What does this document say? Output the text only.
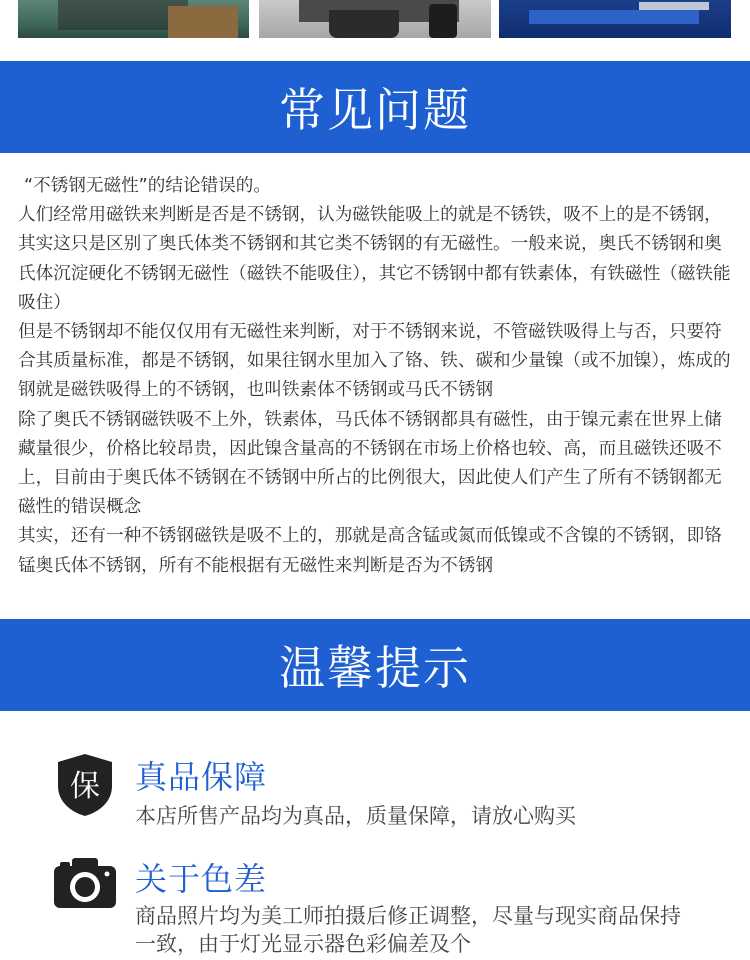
常见问题

“不锈钢无磁性”的结论错误的。

人们经常用磁铁来判断是否是不锈钢，认为磁铁能吸上的就是不锈铁，吸不上的是不锈钢，其实这只是区别了奥氏体类不锈钢和其它类不锈钢的有无磁性。一般来说，奥氏不锈钢和奥氏体沉淀硬化不锈钢无磁性（磁铁不能吸住），其它不锈钢中都有铁素体，有铁磁性（磁铁能吸住）

但是不锈钢却不能仅仅用有无磁性来判断，对于不锈钢来说，不管磁铁吸得上与否，只要符合其质量标准，都是不锈钢，如果往钢水里加入了铬、铁、碳和少量镍（或不加镍），炼成的钢就是磁铁吸得上的不锈钢，也叫铁素体不锈钢或马氏不锈钢

除了奥氏不锈钢磁铁吸不上外，铁素体，马氏体不锈钢都具有磁性，由于镍元素在世界上储藏量很少，价格比较昂贵，因此镍含量高的不锈钢在市场上价格也较、高，而且磁铁还吸不上，目前由于奥氏体不锈钢在不锈钢中所占的比例很大，因此使人们产生了所有不锈钢都无磁性的错误概念

其实，还有一种不锈钢磁铁是吸不上的，那就是高含锰或氮而低镍或不含镍的不锈钢，即铬锰奥氏体不锈钢，所有不能根据有无磁性来判断是否为不锈钢

温馨提示
保 真品保障
本店所售产品均为真品，质量保障，请放心购买
关于色差
商品照片均为美工师拍摄后修正调整，尽量与现实商品保持一致，由于灯光显示器色彩偏差及个
